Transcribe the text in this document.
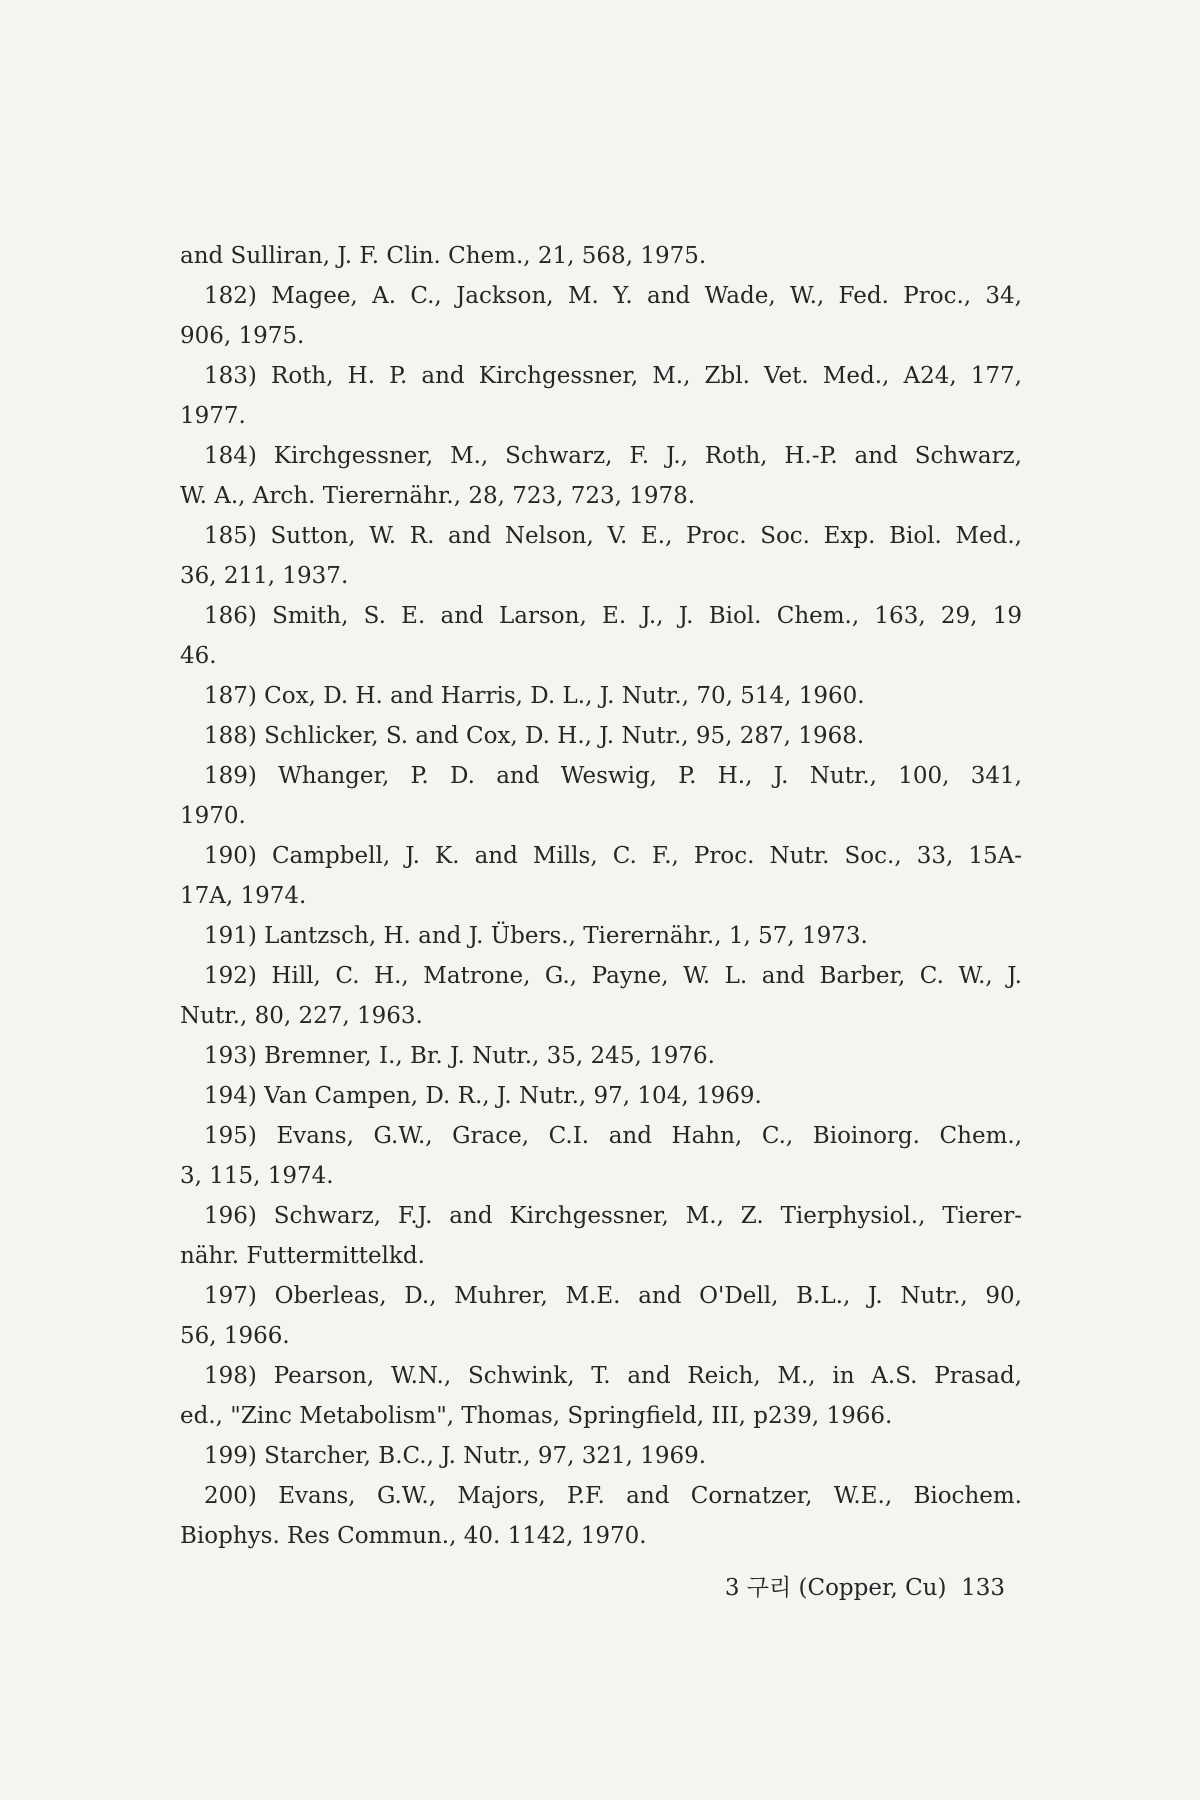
and Sulliran, J. F. Clin. Chem., 21, 568, 1975.
182) Magee, A. C., Jackson, M. Y. and Wade, W., Fed. Proc., 34,
906, 1975.
183) Roth, H. P. and Kirchgessner, M., Zbl. Vet. Med., A24, 177,
1977.
184) Kirchgessner, M., Schwarz, F. J., Roth, H.-P. and Schwarz,
W. A., Arch. Tierernähr., 28, 723, 723, 1978.
185) Sutton, W. R. and Nelson, V. E., Proc. Soc. Exp. Biol. Med.,
36, 211, 1937.
186) Smith, S. E. and Larson, E. J., J. Biol. Chem., 163, 29, 19
46.
187) Cox, D. H. and Harris, D. L., J. Nutr., 70, 514, 1960.
188) Schlicker, S. and Cox, D. H., J. Nutr., 95, 287, 1968.
189) Whanger, P. D. and Weswig, P. H., J. Nutr., 100, 341,
1970.
190) Campbell, J. K. and Mills, C. F., Proc. Nutr. Soc., 33, 15A-
17A, 1974.
191) Lantzsch, H. and J. Übers., Tierernähr., 1, 57, 1973.
192) Hill, C. H., Matrone, G., Payne, W. L. and Barber, C. W., J.
Nutr., 80, 227, 1963.
193) Bremner, I., Br. J. Nutr., 35, 245, 1976.
194) Van Campen, D. R., J. Nutr., 97, 104, 1969.
195) Evans, G.W., Grace, C.I. and Hahn, C., Bioinorg. Chem.,
3, 115, 1974.
196) Schwarz, F.J. and Kirchgessner, M., Z. Tierphysiol., Tierer-
nähr. Futtermittelkd.
197) Oberleas, D., Muhrer, M.E. and O'Dell, B.L., J. Nutr., 90,
56, 1966.
198) Pearson, W.N., Schwink, T. and Reich, M., in A.S. Prasad,
ed., "Zinc Metabolism", Thomas, Springfield, III, p239, 1966.
199) Starcher, B.C., J. Nutr., 97, 321, 1969.
200) Evans, G.W., Majors, P.F. and Cornatzer, W.E., Biochem.
Biophys. Res Commun., 40. 1142, 1970.
3 구리 (Copper, Cu) 133
